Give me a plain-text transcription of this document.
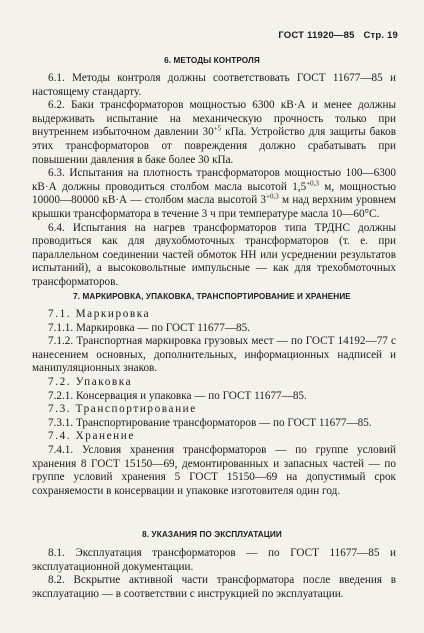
ГОСТ 11920—85 Стр. 19
6. МЕТОДЫ КОНТРОЛЯ

6.1. Методы контроля должны соответствовать ГОСТ 11677—85 и настоящему стандарту.

6.2. Баки трансформаторов мощностью 6300 кВ·А и менее должны выдерживать испытание на механическую прочность только при внутреннем избыточном давлении $30^{+5}$ кПа. Устройство для защиты баков этих трансформаторов от повреждения должно срабатывать при повышении давления в баке более 30 кПа.

6.3. Испытания на плотность трансформаторов мощностью 100—6300 кВ·А должны проводиться столбом масла высотой $1,5^{+0,3}$ м, мощностью 10000—80000 кВ·А — столбом масла высотой $3^{+0,3}$ м над верхним уровнем крышки трансформатора в течение 3 ч при температуре масла 10—60°С.

6.4. Испытания на нагрев трансформаторов типа ТРДНС должны проводиться как для двухобмоточных трансформаторов (т. е. при параллельном соединении частей обмоток НН или усреднении результатов испытаний), а высоковольтные импульсные — как для трехобмоточных трансформаторов.

7. МАРКИРОВКА, УПАКОВКА, ТРАНСПОРТИРОВАНИЕ И ХРАНЕНИЕ

7.1. Маркировка

7.1.1. Маркировка — по ГОСТ 11677—85.

7.1.2. Транспортная маркировка грузовых мест — по ГОСТ 14192—77 с нанесением основных, дополнительных, информационных надписей и манипуляционных знаков.

7.2. Упаковка

7.2.1. Консервация и упаковка — по ГОСТ 11677—85.

7.3. Транспортирование

7.3.1. Транспортирование трансформаторов — по ГОСТ 11677—85.

7.4. Хранение

7.4.1. Условия хранения трансформаторов — по группе условий хранения 8 ГОСТ 15150—69, демонтированных и запасных частей — по группе условий хранения 5 ГОСТ 15150—69 на допустимый срок сохраняемости в консервации и упаковке изготовителя один год.

8. УКАЗАНИЯ ПО ЭКСПЛУАТАЦИИ

8.1. Эксплуатация трансформаторов — по ГОСТ 11677—85 и эксплуатационной документации.

8.2. Вскрытие активной части трансформатора после введения в эксплуатацию — в соответствии с инструкцией по эксплуатации.
